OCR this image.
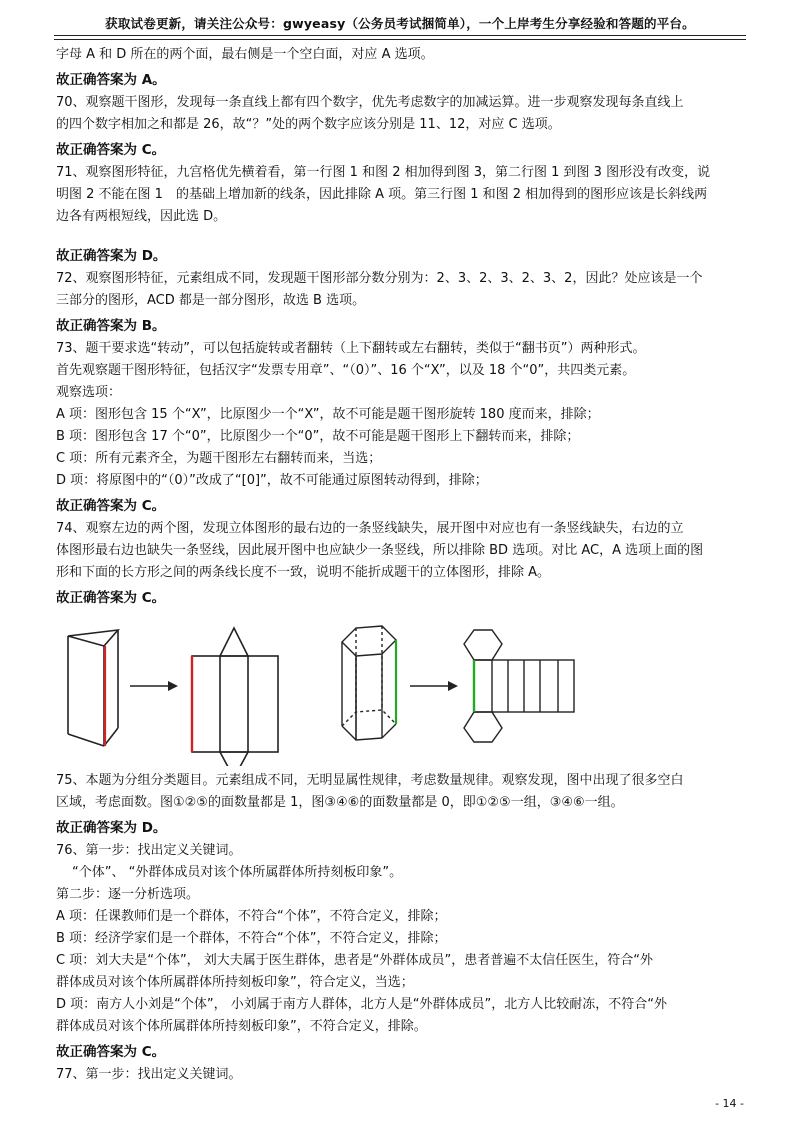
获取试卷更新，请关注公众号：gwyeasy（公务员考试捆简单），一个上岸考生分享经验和答题的平台。
字母 A 和 D 所在的两个面，最右侧是一个空白面，对应 A 选项。
故正确答案为 A。
70、观察题干图形，发现每一条直线上都有四个数字，优先考虑数字的加减运算。进一步观察发现每条直线上
的四个数字相加之和都是 26，故“？”处的两个数字应该分别是 11、12，对应 C 选项。
故正确答案为 C。
71、观察图形特征，九宫格优先横着看，第一行图 1 和图 2 相加得到图 3，第二行图 1 到图 3 图形没有改变，说
明图 2 不能在图 1　的基础上增加新的线条，因此排除 A 项。第三行图 1 和图 2 相加得到的图形应该是长斜线两
边各有两根短线，因此选 D。
故正确答案为 D。
72、观察图形特征，元素组成不同，发现题干图形部分数分别为：2、3、2、3、2、3、2，因此？处应该是一个
三部分的图形，ACD 都是一部分图形，故选 B 选项。
故正确答案为 B。
73、题干要求选“转动”，可以包括旋转或者翻转（上下翻转或左右翻转，类似于“翻书页”）两种形式。
首先观察题干图形特征，包括汉字“发票专用章”、“（0）”、16 个“X”，以及 18 个“0”，共四类元素。
观察选项：
A 项：图形包含 15 个“X”，比原图少一个“X”，故不可能是题干图形旋转 180 度而来，排除；
B 项：图形包含 17 个“0”，比原图少一个“0”，故不可能是题干图形上下翻转而来，排除；
C 项：所有元素齐全，为题干图形左右翻转而来，当选；
D 项：将原图中的“（0）”改成了“[0]”，故不可能通过原图转动得到，排除；
故正确答案为 C。
74、观察左边的两个图，发现立体图形的最右边的一条竖线缺失，展开图中对应也有一条竖线缺失，右边的立
体图形最右边也缺失一条竖线，因此展开图中也应缺少一条竖线，所以排除 BD 选项。对比 AC，A 选项上面的图
形和下面的长方形之间的两条线长度不一致，说明不能折成题干的立体图形，排除 A。
故正确答案为 C。
75、本题为分组分类题目。元素组成不同，无明显属性规律，考虑数量规律。观察发现，图中出现了很多空白
区域，考虑面数。图①②⑤的面数量都是 1，图③④⑥的面数量都是 0，即①②⑤一组，③④⑥一组。
故正确答案为 D。
76、第一步：找出定义关键词。
“个体”、 “外群体成员对该个体所属群体所持刻板印象”。
第二步：逐一分析选项。
A 项：任课教师们是一个群体，不符合“个体”，不符合定义，排除；
B 项：经济学家们是一个群体，不符合“个体”，不符合定义，排除；
C 项：刘大夫是“个体”， 刘大夫属于医生群体，患者是“外群体成员”，患者普遍不太信任医生，符合“外
群体成员对该个体所属群体所持刻板印象”，符合定义，当选；
D 项：南方人小刘是“个体”， 小刘属于南方人群体，北方人是“外群体成员”，北方人比较耐冻，不符合“外
群体成员对该个体所属群体所持刻板印象”，不符合定义，排除。
故正确答案为 C。
77、第一步：找出定义关键词。
- 14 -
